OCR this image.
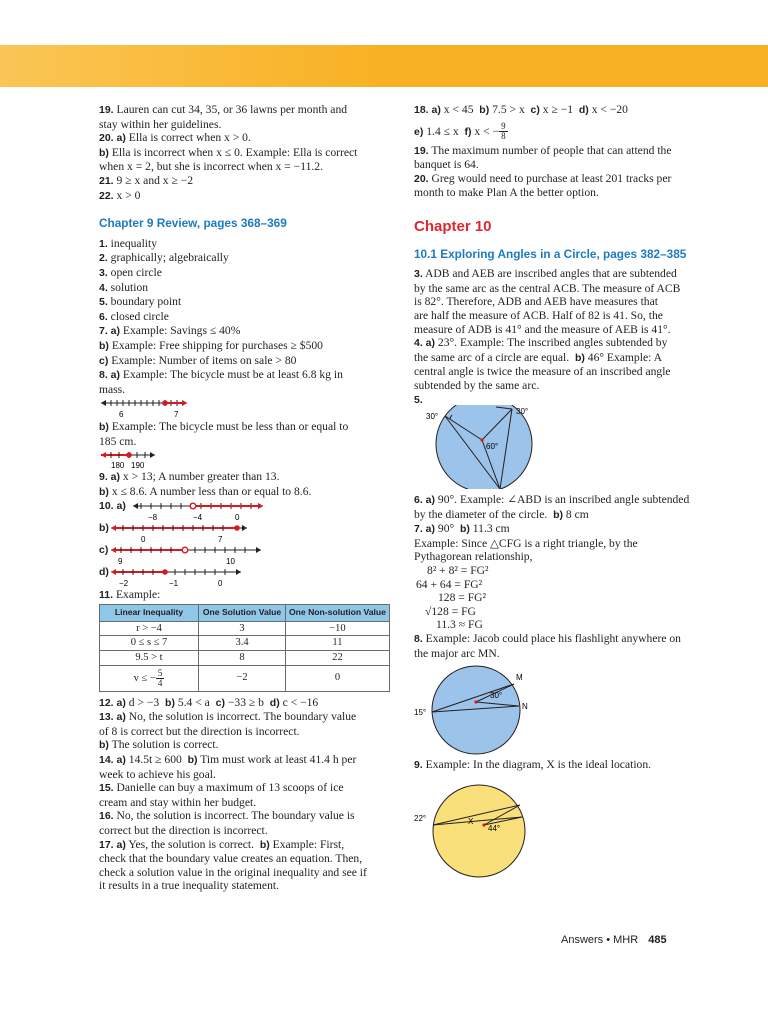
19. Lauren can cut 34, 35, or 36 lawns per month and
stay within her guidelines.
20. a) Ella is correct when x > 0.
b) Ella is incorrect when x ≤ 0. Example: Ella is correct
when x = 2, but she is incorrect when x = −11.2.
21. 9 ≥ x and x ≥ −2
22. x > 0
Chapter 9 Review, pages 368–369
1. inequality
2. graphically; algebraically
3. open circle
4. solution
5. boundary point
6. closed circle
7. a) Example: Savings ≤ 40%
b) Example: Free shipping for purchases ≥ $500
c) Example: Number of items on sale > 80
8. a) Example: The bicycle must be at least 6.8 kg in
mass.
6	7
b) Example: The bicycle must be less than or equal to
185 cm.
180 190
9. a) x > 13; A number greater than 13.
b) x ≤ 8.6. A number less than or equal to 8.6.
10. a)
−8	−4	0
b)
0	7
c)
9	10
d)
−2	−1	0
11. Example:
Linear Inequality	One Solution Value	One Non-solution Value
r > −4	3	−10
0 ≤ s ≤ 7	3.4	11
9.5 > t	8	22
v ≤ − $\frac{5}{4}$	−2	0
12. a) d > −3 b) 5.4 < a c) −33 ≥ b d) c < −16
13. a) No, the solution is incorrect. The boundary value
of 8 is correct but the direction is incorrect.
b) The solution is correct.
14. a) 14.5t ≥ 600 b) Tim must work at least 41.4 h per
week to achieve his goal.
15. Danielle can buy a maximum of 13 scoops of ice
cream and stay within her budget.
16. No, the solution is incorrect. The boundary value is
correct but the direction is incorrect.
17. a) Yes, the solution is correct. b) Example: First,
check that the boundary value creates an equation. Then,
check a solution value in the original inequality and see if
it results in a true inequality statement.
18. a) x < 45 b) 7.5 > x c) x ≥ −1 d) x < −20
e) 1.4 ≤ x f) x < − $\frac{9}{8}$
19. The maximum number of people that can attend the
banquet is 64.
20. Greg would need to purchase at least 201 tracks per
month to make Plan A the better option.
Chapter 10
10.1 Exploring Angles in a Circle, pages 382–385
3. ADB and AEB are inscribed angles that are subtended
by the same arc as the central ACB. The measure of ACB
is 82°. Therefore, ADB and AEB have measures that
are half the measure of ACB. Half of 82 is 41. So, the
measure of ADB is 41° and the measure of AEB is 41°.
4. a) 23°. Example: The inscribed angles subtended by
the same arc of a circle are equal. b) 46° Example: A
central angle is twice the measure of an inscribed angle
subtended by the same arc.
5.
30°
30°
60°
6. a) 90°. Example: ∠ABD is an inscribed angle subtended
by the diameter of the circle. b) 8 cm
7. a) 90° b) 11.3 cm
Example: Since △CFG is a right triangle, by the
Pythagorean relationship,
8² + 8² = FG²
64 + 64 = FG²
128 = FG²
√128 = FG
11.3 ≈ FG
8. Example: Jacob could place his flashlight anywhere on
the major arc MN.
M
N
30°
15°
9. Example: In the diagram, X is the ideal location.
22°	X
44°
Answers • MHR 485
